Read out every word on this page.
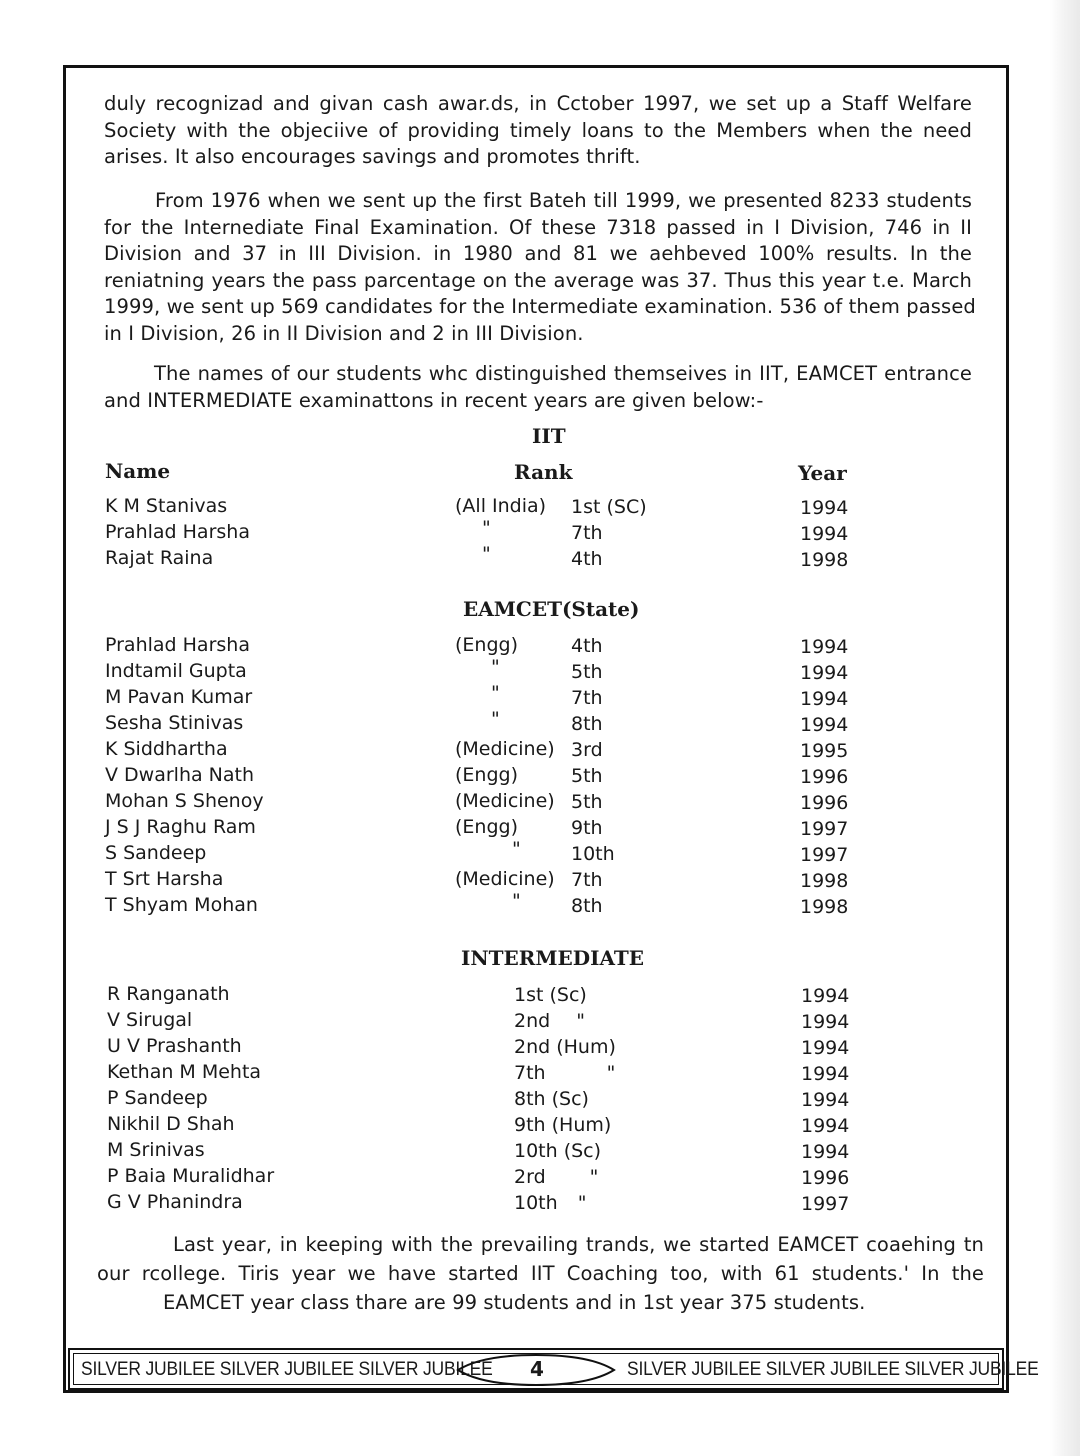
duly recognizad and givan cash awar.ds, in Cctober 1997, we set up a Staff Welfare
Society with the objeciive of providing timely loans to the Members when the need
arises. It also encourages savings and promotes thrift.

From 1976 when we sent up the first Bateh till 1999, we presented 8233 students
for the Internediate Final Examination. Of these 7318 passed in I Division, 746 in II
Division and 37 in III Division. in 1980 and 81 we aehbeved 100% results. In the
reniatning years the pass parcentage on the average was 37. Thus this year t.e. March
1999, we sent up 569 candidates for the Intermediate examination. 536 of them passed
in I Division, 26 in II Division and 2 in III Division.

The names of our students whc distinguished themseives in IIT, EAMCET entrance
and INTERMEDIATE examinattons in recent years are given below:-

IIT
Name	Rank	Year
K M Stanivas	(All India) 1st (SC)	1994
Prahlad Harsha	"	7th	1994
Rajat Raina	"	4th	1998
EAMCET(State)
Prahlad Harsha	(Engg)	4th	1994
Indtamil Gupta	"	5th	1994
M Pavan Kumar	"	7th	1994
Sesha Stinivas	"	8th	1994
K Siddhartha	(Medicine) 3rd	1995
V Dwarlha Nath	(Engg)	5th	1996
Mohan S Shenoy	(Medicine) 5th	1996
J S J Raghu Ram	(Engg)	9th	1997
S Sandeep	"	10th	1997
T Srt Harsha	(Medicine) 7th	1998
T Shyam Mohan	"	8th	1998
INTERMEDIATE
R Ranganath	1st (Sc)	1994
V Sirugal	2nd "	1994
U V Prashanth	2nd (Hum)	1994
Kethan M Mehta	7th "	1994
P Sandeep	8th (Sc)	1994
Nikhil D Shah	9th (Hum)	1994
M Srinivas	10th (Sc)	1994
P Baia Muralidhar	2rd "	1996
G V Phanindra	10th "	1997

Last year, in keeping with the prevailing trands, we started EAMCET coaehing tn
our rcollege. Tiris year we have started IIT Coaching too, with 61 students.' In the
EAMCET year class thare are 99 students and in 1st year 375 students.

SILVER JUBILEE SILVER JUBILEE SILVER JUBILEE 4	SILVER JUBILEE SILVER JUBILEE SILVER JUBILEE
